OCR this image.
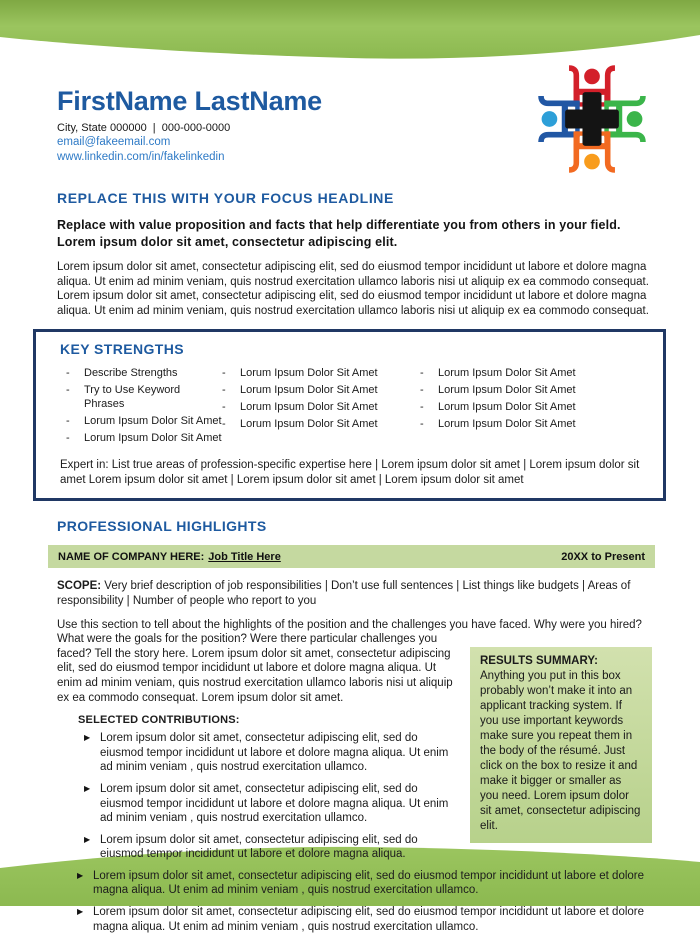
FirstName LastName
City, State 000000  |  000-000-0000
email@fakeemail.com
www.linkedin.com/in/fakelinkedin
REPLACE THIS WITH YOUR FOCUS HEADLINE
Replace with value proposition and facts that help differentiate you from others in your field.  Lorem ipsum dolor sit amet, consectetur adipiscing elit.
Lorem ipsum dolor sit amet, consectetur adipiscing elit, sed do eiusmod tempor incididunt ut labore et dolore magna aliqua. Ut enim ad minim veniam, quis nostrud exercitation ullamco laboris nisi ut aliquip ex ea commodo consequat. Lorem ipsum dolor sit amet, consectetur adipiscing elit, sed do eiusmod tempor incididunt ut labore et dolore magna aliqua. Ut enim ad minim veniam, quis nostrud exercitation ullamco laboris nisi ut aliquip ex ea commodo consequat.
KEY STRENGTHS
- Describe Strengths
- Try to Use Keyword Phrases
- Lorum Ipsum Dolor Sit Amet
- Lorum Ipsum Dolor Sit Amet
- Lorum Ipsum Dolor Sit Amet
- Lorum Ipsum Dolor Sit Amet
- Lorum Ipsum Dolor Sit Amet
- Lorum Ipsum Dolor Sit Amet
- Lorum Ipsum Dolor Sit Amet
- Lorum Ipsum Dolor Sit Amet
- Lorum Ipsum Dolor Sit Amet
- Lorum Ipsum Dolor Sit Amet
Expert in: List true areas of profession-specific expertise here | Lorem ipsum dolor sit amet | Lorem ipsum dolor sit amet Lorem ipsum dolor sit amet | Lorem ipsum dolor sit amet | Lorem ipsum dolor sit amet
PROFESSIONAL HIGHLIGHTS
NAME OF COMPANY HERE: Job Title Here	20XX to Present
SCOPE: Very brief description of job responsibilities | Don’t use full sentences | List things like budgets | Areas of responsibility | Number of people who report to you
RESULTS SUMMARY:
Anything you put in this box probably won’t make it into an applicant tracking system. If you use important keywords make sure you repeat them in the body of the résumé. Just click on the box to resize it and make it bigger or smaller as you need. Lorem ipsum dolor sit amet, consectetur adipiscing elit.
Use this section to tell about the highlights of the position and the challenges you have faced. Why were you hired? What were the goals for the position? Were there particular challenges you faced? Tell the story here. Lorem ipsum dolor sit amet, consectetur adipiscing elit, sed do eiusmod tempor incididunt ut labore et dolore magna aliqua. Ut enim ad minim veniam, quis nostrud exercitation ullamco laboris nisi ut aliquip ex ea commodo consequat. Lorem ipsum dolor sit amet.
SELECTED CONTRIBUTIONS:
▶ Lorem ipsum dolor sit amet, consectetur adipiscing elit, sed do eiusmod tempor incididunt ut labore et dolore magna aliqua. Ut enim ad minim veniam , quis nostrud exercitation ullamco.
▶ Lorem ipsum dolor sit amet, consectetur adipiscing elit, sed do eiusmod tempor incididunt ut labore et dolore magna aliqua. Ut enim ad minim veniam , quis nostrud exercitation ullamco.
▶ Lorem ipsum dolor sit amet, consectetur adipiscing elit, sed do eiusmod tempor incididunt ut labore et dolore magna aliqua.
▶ Lorem ipsum dolor sit amet, consectetur adipiscing elit, sed do eiusmod tempor incididunt ut labore et dolore magna aliqua. Ut enim ad minim veniam , quis nostrud exercitation ullamco.
▶ Lorem ipsum dolor sit amet, consectetur adipiscing elit, sed do eiusmod tempor incididunt ut labore et dolore magna aliqua. Ut enim ad minim veniam , quis nostrud exercitation ullamco.
